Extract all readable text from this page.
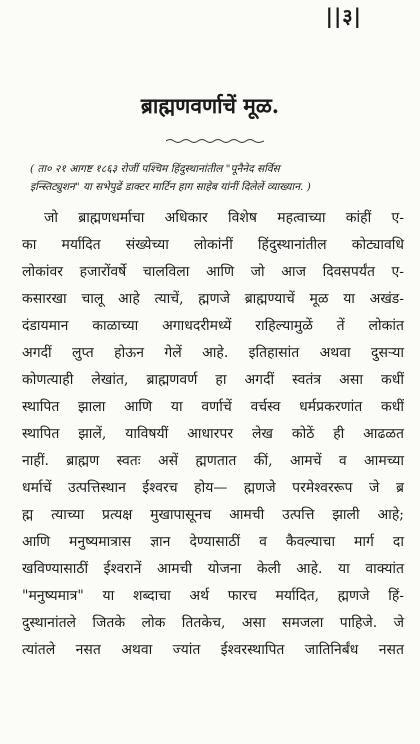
||३|
ब्राह्मणवर्णाचें मूळ.
( ता० २१ आगष्ट १८६३ रोजीं पश्चिम हिंदुस्थानांतील "पूनैनेद सर्विस
इन्स्तिट्युशन" या सभेपुढें डाक्टर मार्टिन हाग साहेब यांनीं दिलेलें व्याख्यान. )
जो ब्राह्मणधर्माचा अधिकार विशेष महत्वाच्या कांहीं ए-
का मर्यादित संख्येच्या लोकांनीं हिंदुस्थानांतील कोट्यावधि
लोकांवर हजारोंवर्षे चालविला आणि जो आज दिवसपर्यंत ए-
कसारखा चालू आहे त्याचें, ह्मणजे ब्राह्मण्याचें मूळ या अखंड-
दंडायमान काळाच्या अगाधदरीमध्यें राहिल्यामुळें तें लोकांत
अगदीं लुप्त होऊन गेलें आहे. इतिहासांत अथवा दुसऱ्या
कोणत्याही लेखांत, ब्राह्मणवर्ण हा अगदीं स्वतंत्र असा कधीं
स्थापित झाला आणि या वर्णाचें वर्चस्व धर्मप्रकरणांत कधीं
स्थापित झालें, याविषयीं आधारपर लेख कोठें ही आढळत
नाहीं. ब्राह्मण स्वतः असें ह्मणतात कीं, आमचें व आमच्या
धर्माचें उत्पत्तिस्थान ईश्वरच होय— ह्मणजे परमेश्वररूप जे ब्र
ह्म त्याच्या प्रत्यक्ष मुखापासूनच आमची उत्पत्ति झाली आहे;
आणि मनुष्यमात्रास ज्ञान देण्यासाठीं व कैवल्याचा मार्ग दा
खविण्यासाठीं ईश्वरानें आमची योजना केली आहे. या वाक्यांत
"मनुष्यमात्र" या शब्दाचा अर्थ फारच मर्यादित, ह्मणजे हिं-
दुस्थानांतले जितके लोक तितकेच, असा समजला पाहिजे. जे
त्यांतले नसत अथवा ज्यांत ईश्वरस्थापित जातिनिर्बंध नसत
